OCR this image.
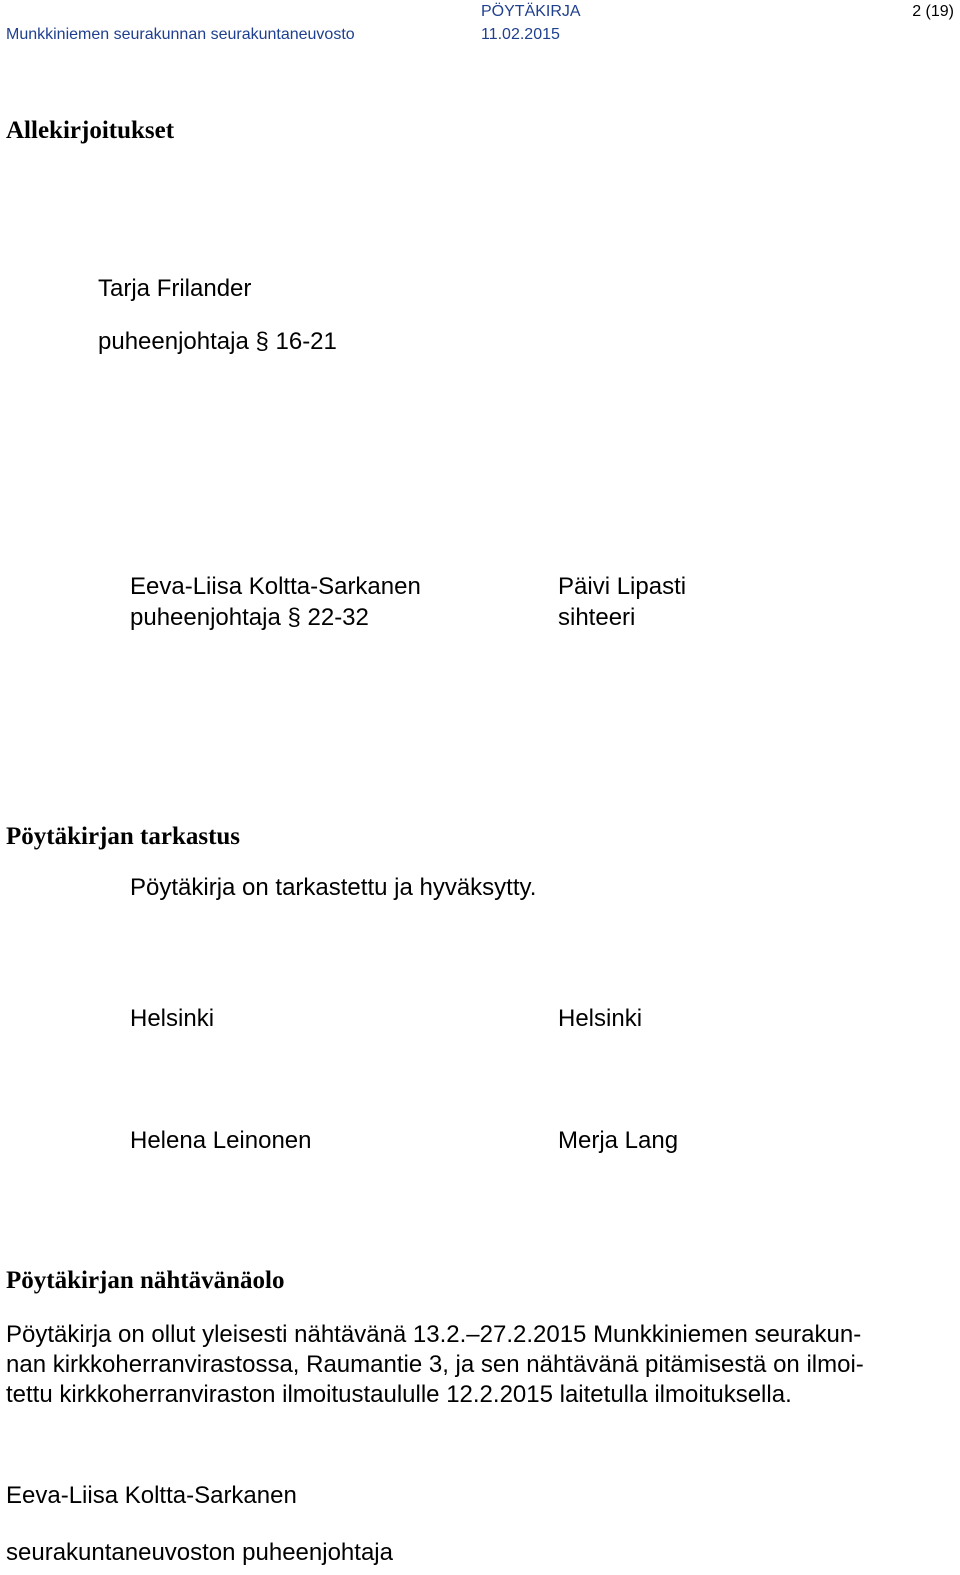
Munkkiniemen seurakunnan seurakuntaneuvosto
PÖYTÄKIRJA
11.02.2015
2 (19)
Allekirjoitukset
Tarja Frilander
puheenjohtaja § 16-21
Eeva-Liisa Koltta-Sarkanen
puheenjohtaja § 22-32
Päivi Lipasti
sihteeri
Pöytäkirjan tarkastus
Pöytäkirja on tarkastettu ja hyväksytty.
Helsinki	Helsinki
Helena Leinonen	Merja Lang
Pöytäkirjan nähtävänäolo
Pöytäkirja on ollut yleisesti nähtävänä 13.2.–27.2.2015 Munkkiniemen seurakun-
nan kirkkoherranvirastossa, Raumantie 3, ja sen nähtävänä pitämisestä on ilmoi-
tettu kirkkoherranviraston ilmoitustaululle 12.2.2015 laitetulla ilmoituksella.
Eeva-Liisa Koltta-Sarkanen
seurakuntaneuvoston puheenjohtaja
